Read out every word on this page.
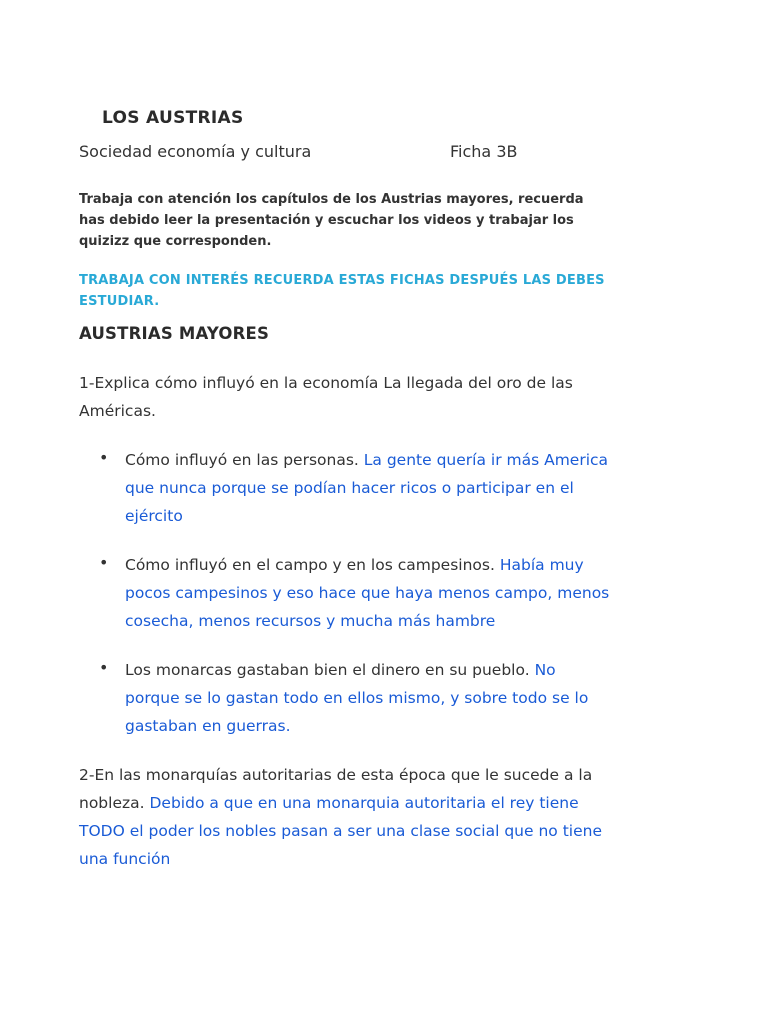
LOS AUSTRIAS
Sociedad economía y cultura	Ficha 3B
Trabaja con atención los capítulos de los Austrias mayores, recuerda has debido leer la presentación y escuchar los videos y trabajar los quizizz que corresponden.
TRABAJA CON INTERÉS RECUERDA ESTAS FICHAS DESPUÉS LAS DEBES ESTUDIAR.
AUSTRIAS MAYORES
1-Explica cómo influyó en la economía La llegada del oro de las Américas.
• Cómo influyó en las personas. La gente quería ir más America que nunca porque se podían hacer ricos o participar en el ejército
• Cómo influyó en el campo y en los campesinos. Había muy pocos campesinos y eso hace que haya menos campo, menos cosecha, menos recursos y mucha más hambre
• Los monarcas gastaban bien el dinero en su pueblo. No porque se lo gastan todo en ellos mismo, y sobre todo se lo gastaban en guerras.
2-En las monarquías autoritarias de esta época que le sucede a la nobleza. Debido a que en una monarquia autoritaria el rey tiene TODO el poder los nobles pasan a ser una clase social que no tiene una función
